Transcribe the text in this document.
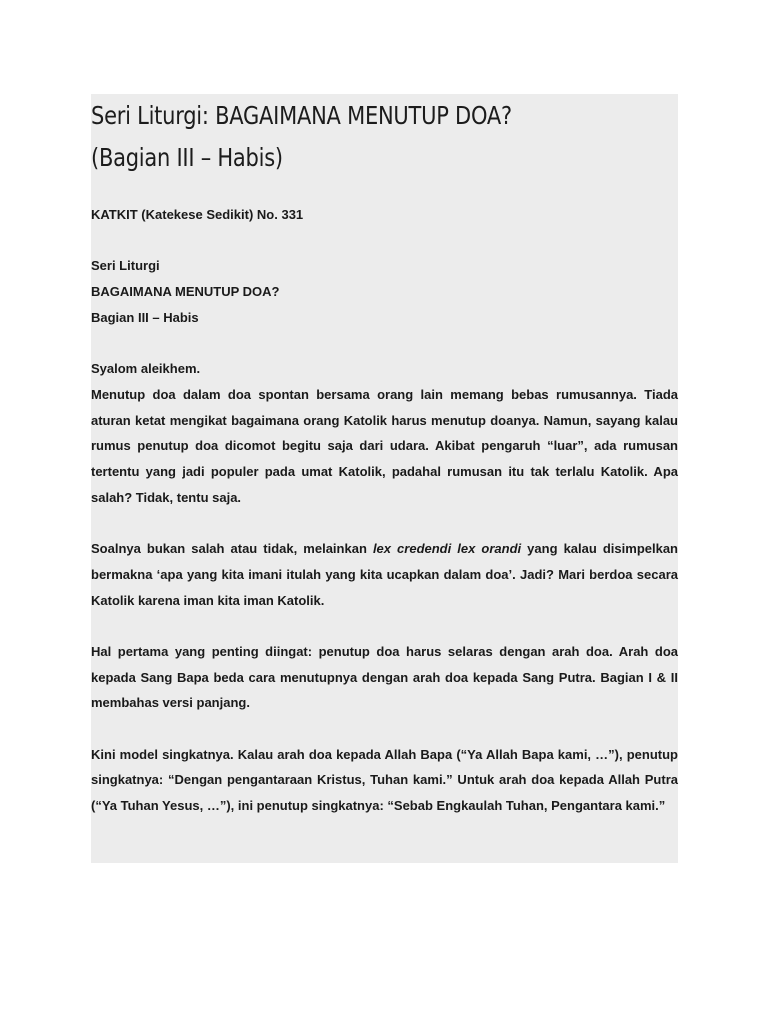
Seri Liturgi: BAGAIMANA MENUTUP DOA? (Bagian III – Habis)

KATKIT (Katekese Sedikit) No. 331

Seri Liturgi

BAGAIMANA MENUTUP DOA?

Bagian III – Habis

Syalom aleikhem.

Menutup doa dalam doa spontan bersama orang lain memang bebas rumusannya. Tiada aturan ketat mengikat bagaimana orang Katolik harus menutup doanya. Namun, sayang kalau rumus penutup doa dicomot begitu saja dari udara. Akibat pengaruh “luar”, ada rumusan tertentu yang jadi populer pada umat Katolik, padahal rumusan itu tak terlalu Katolik. Apa salah? Tidak, tentu saja.

Soalnya bukan salah atau tidak, melainkan lex credendi lex orandi yang kalau disimpelkan bermakna ‘apa yang kita imani itulah yang kita ucapkan dalam doa’. Jadi? Mari berdoa secara Katolik karena iman kita iman Katolik.

Hal pertama yang penting diingat: penutup doa harus selaras dengan arah doa. Arah doa kepada Sang Bapa beda cara menutupnya dengan arah doa kepada Sang Putra. Bagian I & II membahas versi panjang.

Kini model singkatnya. Kalau arah doa kepada Allah Bapa (“Ya Allah Bapa kami, …”), penutup singkatnya: “Dengan pengantaraan Kristus, Tuhan kami.” Untuk arah doa kepada Allah Putra (“Ya Tuhan Yesus, …”), ini penutup singkatnya: “Sebab Engkaulah Tuhan, Pengantara kami.”
